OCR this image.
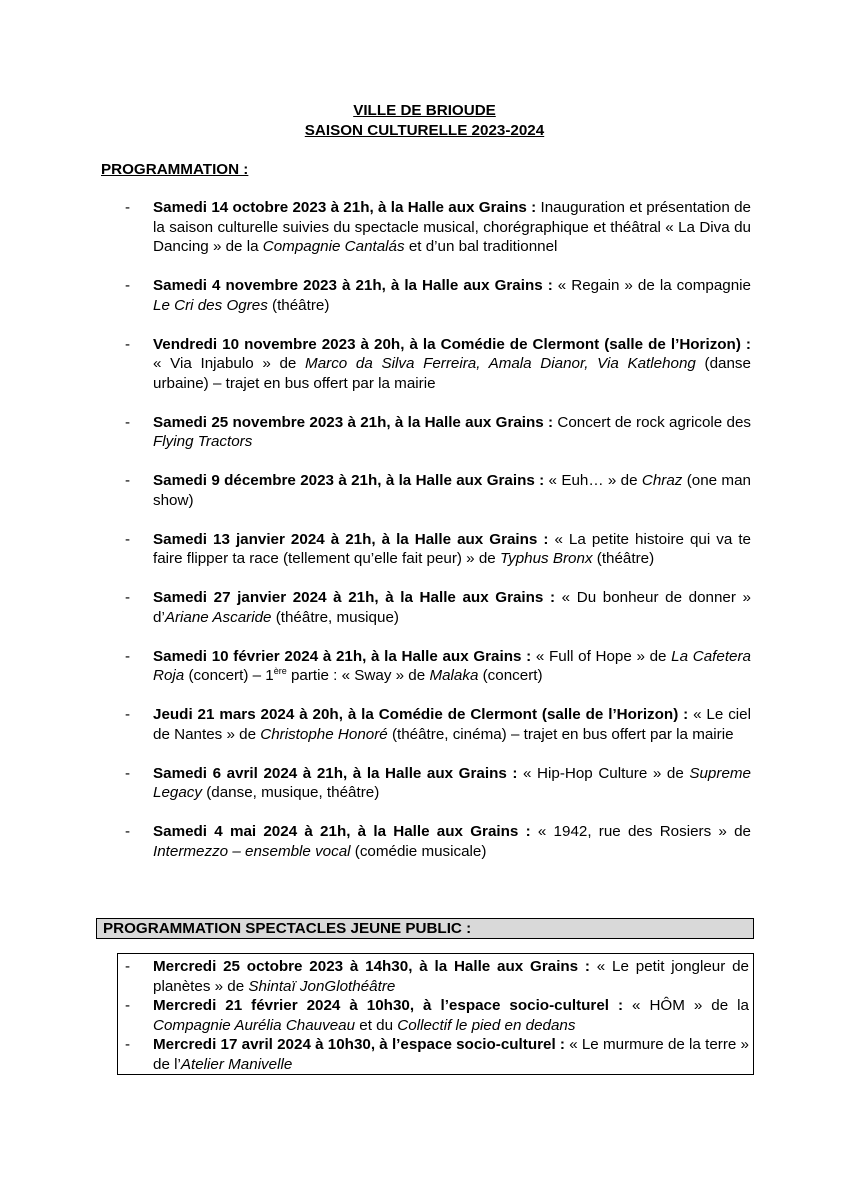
VILLE DE BRIOUDE
SAISON CULTURELLE 2023-2024
PROGRAMMATION :
- Samedi 14 octobre 2023 à 21h, à la Halle aux Grains : Inauguration et présentation de la saison culturelle suivies du spectacle musical, chorégraphique et théâtral « La Diva du Dancing » de la Compagnie Cantalás et d’un bal traditionnel
- Samedi 4 novembre 2023 à 21h, à la Halle aux Grains : « Regain » de la compagnie Le Cri des Ogres (théâtre)
- Vendredi 10 novembre 2023 à 20h, à la Comédie de Clermont (salle de l’Horizon) : « Via Injabulo » de Marco da Silva Ferreira, Amala Dianor, Via Katlehong (danse urbaine) – trajet en bus offert par la mairie
- Samedi 25 novembre 2023 à 21h, à la Halle aux Grains : Concert de rock agricole des Flying Tractors
- Samedi 9 décembre 2023 à 21h, à la Halle aux Grains : « Euh… » de Chraz (one man show)
- Samedi 13 janvier 2024 à 21h, à la Halle aux Grains : « La petite histoire qui va te faire flipper ta race (tellement qu’elle fait peur) » de Typhus Bronx (théâtre)
- Samedi 27 janvier 2024 à 21h, à la Halle aux Grains : « Du bonheur de donner » d’Ariane Ascaride (théâtre, musique)
- Samedi 10 février 2024 à 21h, à la Halle aux Grains : « Full of Hope » de La Cafetera Roja (concert) – 1ère partie : « Sway » de Malaka (concert)
- Jeudi 21 mars 2024 à 20h, à la Comédie de Clermont (salle de l’Horizon) : « Le ciel de Nantes » de Christophe Honoré (théâtre, cinéma) – trajet en bus offert par la mairie
- Samedi 6 avril 2024 à 21h, à la Halle aux Grains : « Hip-Hop Culture » de Supreme Legacy (danse, musique, théâtre)
- Samedi 4 mai 2024 à 21h, à la Halle aux Grains : « 1942, rue des Rosiers » de Intermezzo – ensemble vocal (comédie musicale)
PROGRAMMATION SPECTACLES JEUNE PUBLIC :
- Mercredi 25 octobre 2023 à 14h30, à la Halle aux Grains : « Le petit jongleur de planètes » de Shintaï JonGlothéâtre
- Mercredi 21 février 2024 à 10h30, à l’espace socio-culturel : « HÔM » de la Compagnie Aurélia Chauveau et du Collectif le pied en dedans
- Mercredi 17 avril 2024 à 10h30, à l’espace socio-culturel : « Le murmure de la terre » de l’Atelier Manivelle
